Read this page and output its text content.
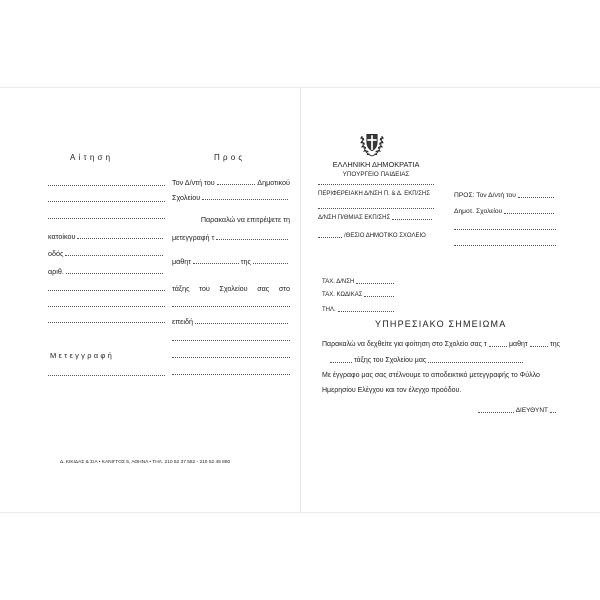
Αίτηση	Προς
κατοίκου
οδός
αριθ.
Μετεγγραφή
Τον Δ/ντή του	Δημοτικού
Σχολείου
Παρακαλώ να επιτρέψετε τη
μετεγγραφή τ
μαθητ	της
τάξης του Σχολείου σας στο
επειδή
Δ. ΚΙΚΙΔΑΣ & ΣΙΑ • ΚΑΝΙΓΓΟΣ 5, ΑΘΗΝΑ • ΤΗΛ. 210 52 37 562 - 210 52 45 880
ΕΛΛΗΝΙΚΗ ΔΗΜΟΚΡΑΤΙΑ
ΥΠΟΥΡΓΕΙΟ ΠΑΙΔΕΙΑΣ
ΠΕΡΙΦΕΡΕΙΑΚΗ Δ/ΝΣΗ Π. & Δ. ΕΚΠ/ΣΗΣ
Δ/ΝΣΗ Π/ΘΜΙΑΣ ΕΚΠ/ΣΗΣ
/ΘΕΣΙΟ ΔΗΜΟΤΙΚΟ ΣΧΟΛΕΙΟ
ΠΡΟΣ: Τον Δ/ντή του
Δημοτ. Σχολείου
ΤΑΧ. Δ/ΝΣΗ
ΤΑΧ. ΚΩΔΙΚΑΣ
ΤΗΛ.
ΥΠΗΡΕΣΙΑΚΟ ΣΗΜΕΙΩΜΑ
Παρακαλώ να δεχθείτε για φοίτηση στο Σχολείο σας τ	μαθητ	της
τάξης του Σχολείου μας
Με έγγραφο μας σας στέλνουμε το αποδεικτικό μετεγγραφής το Φύλλο
Ημερησίου Ελέγχου και τον έλεγχο προόδου.
ΔΙΕΥΘΥΝΤ
